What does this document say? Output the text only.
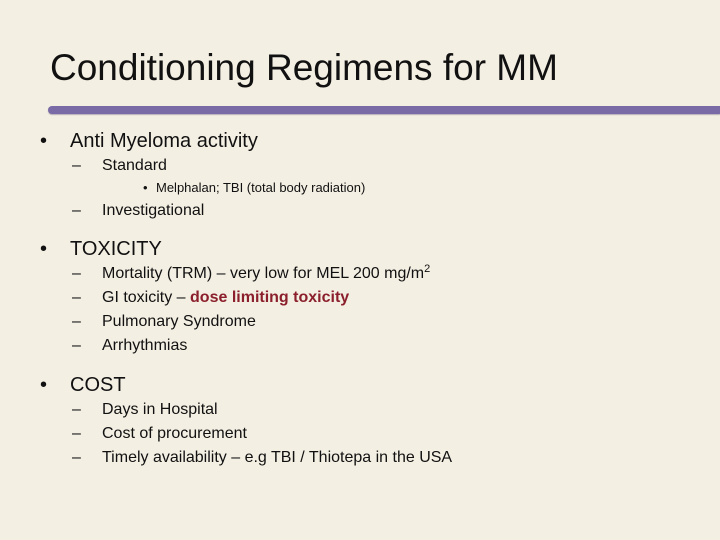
Conditioning Regimens for MM
• Anti Myeloma activity
– Standard
• Melphalan; TBI (total body radiation)
– Investigational
• TOXICITY
– Mortality (TRM) – very low for MEL 200 $mg/m^2$
– GI toxicity – dose limiting toxicity
– Pulmonary Syndrome
– Arrhythmias
• COST
– Days in Hospital
– Cost of procurement
– Timely availability – e.g TBI / Thiotepa in the USA
